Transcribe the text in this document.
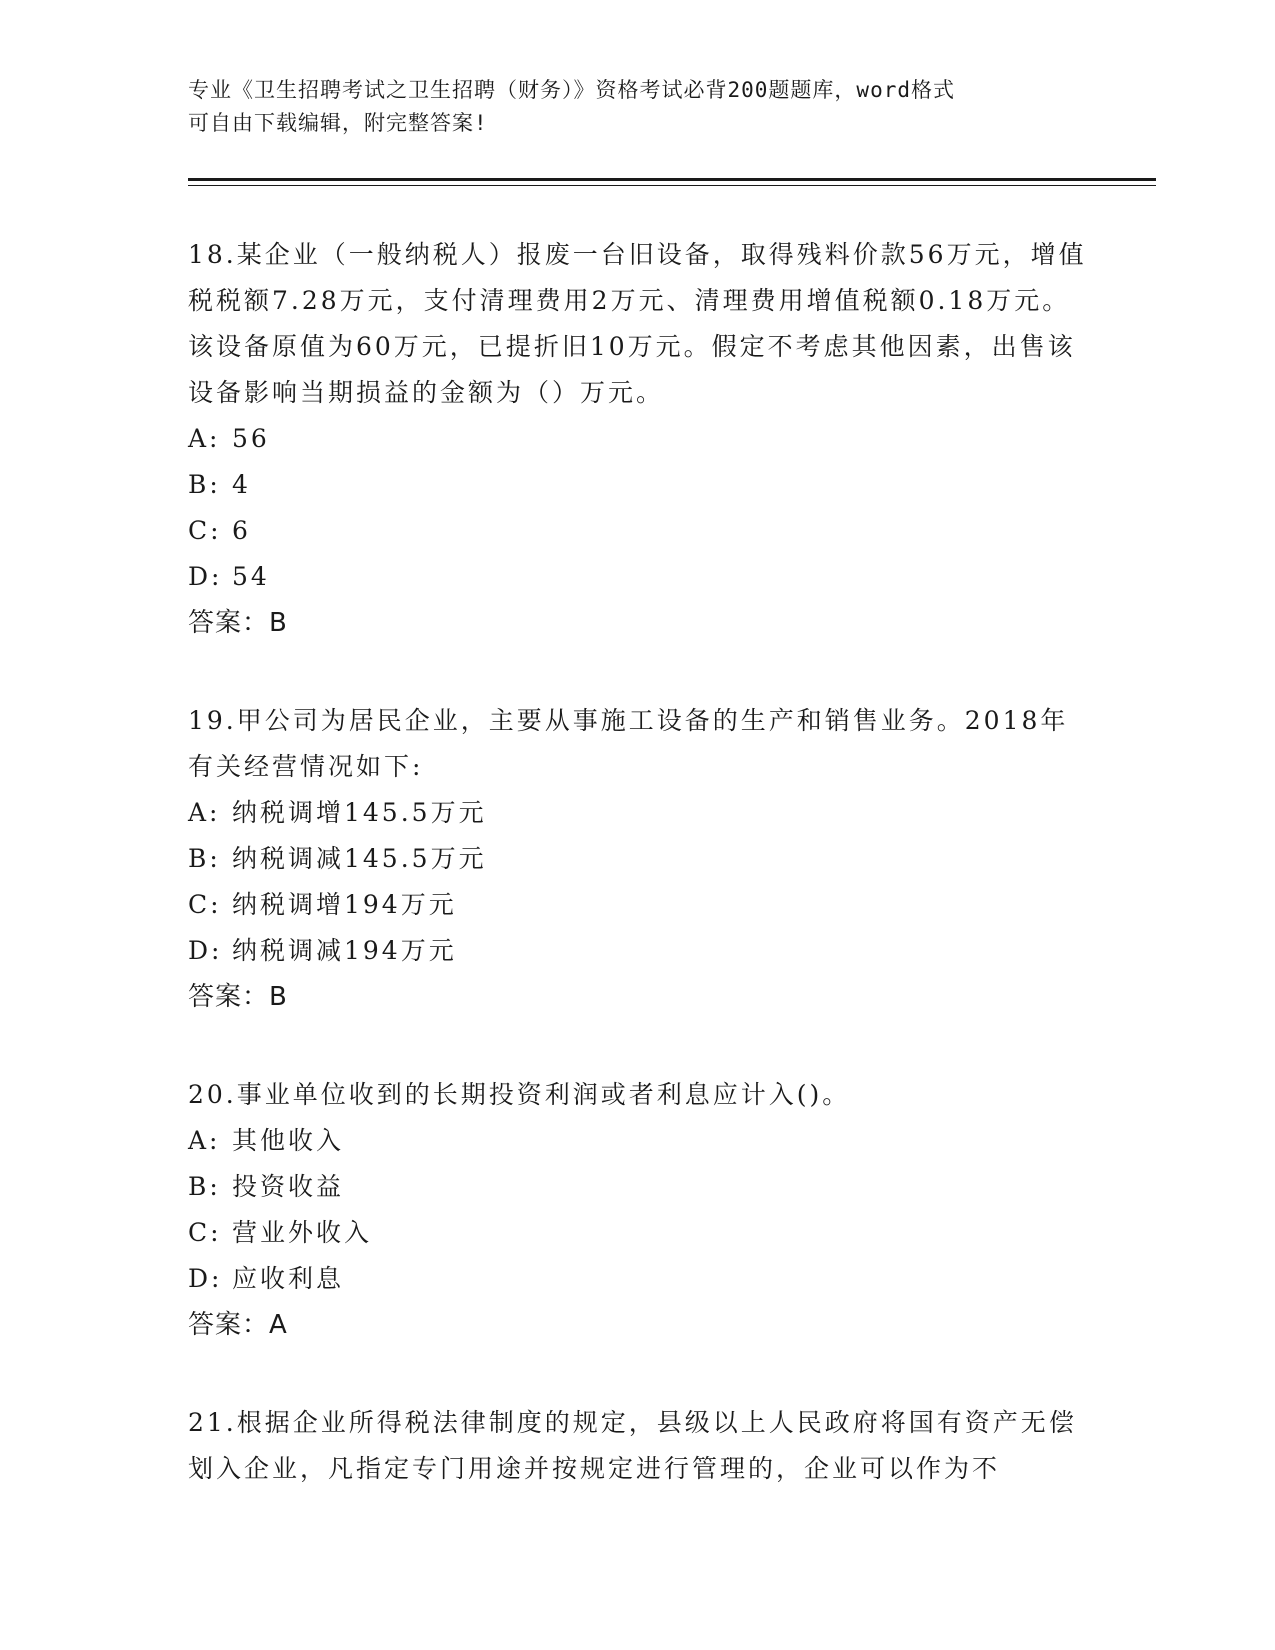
专业《卫生招聘考试之卫生招聘（财务）》资格考试必背200题题库，word格式
可自由下载编辑，附完整答案!
18.某企业（一般纳税人）报废一台旧设备，取得残料价款56万元，增值税税额7.28万元，支付清理费用2万元、清理费用增值税额0.18万元。该设备原值为60万元，已提折旧10万元。假定不考虑其他因素，出售该设备影响当期损益的金额为（）万元。
A: 56
B: 4
C: 6
D: 54
答案：B
19.甲公司为居民企业，主要从事施工设备的生产和销售业务。2018年有关经营情况如下:
A: 纳税调增145.5万元
B: 纳税调减145.5万元
C: 纳税调增194万元
D: 纳税调减194万元
答案：B
20.事业单位收到的长期投资利润或者利息应计入()。
A: 其他收入
B: 投资收益
C: 营业外收入
D: 应收利息
答案：A
21.根据企业所得税法律制度的规定，县级以上人民政府将国有资产无偿划入企业，凡指定专门用途并按规定进行管理的，企业可以作为不
